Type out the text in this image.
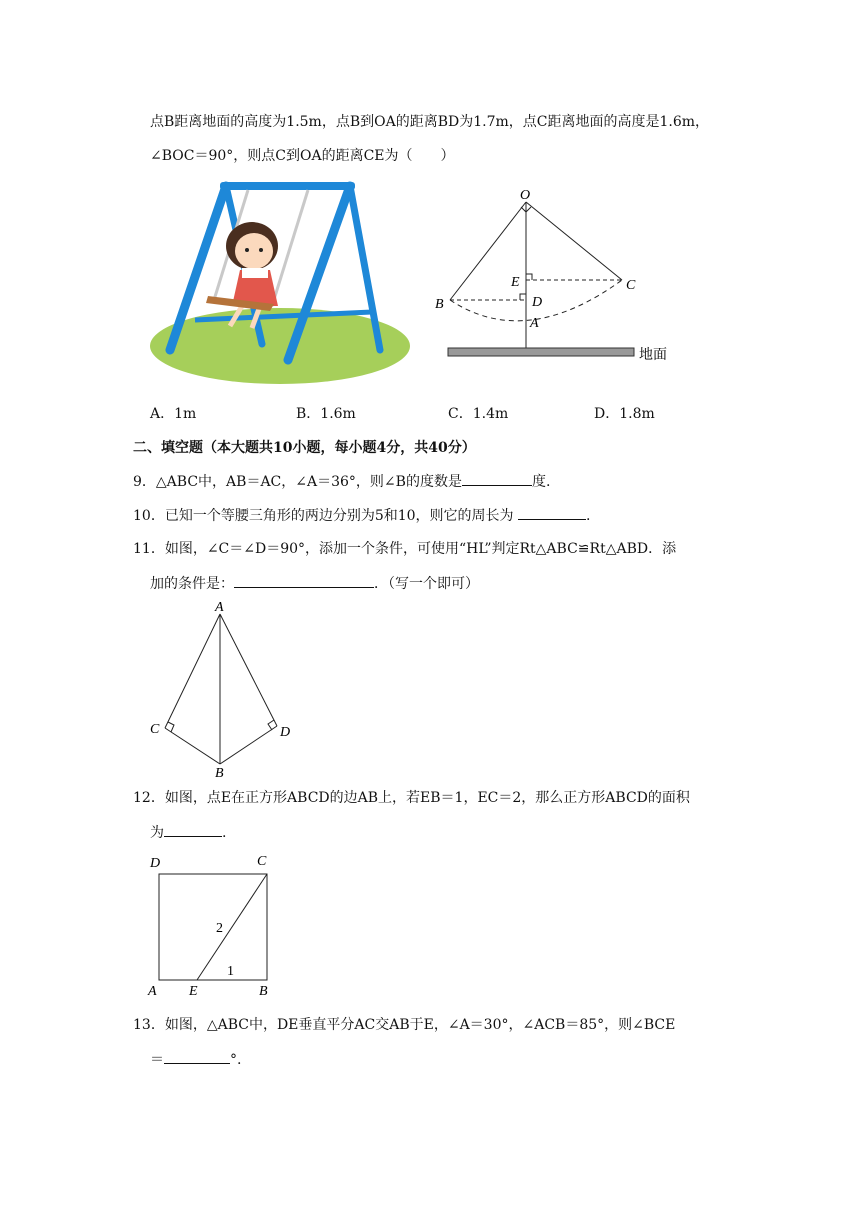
点B距离地面的高度为1.5m，点B到OA的距离BD为1.7m，点C距离地面的高度是1.6m，
∠BOC＝90°，则点C到OA的距离CE为（　　）
O
E	C
B	D
A
地面
A．1m	B．1.6m	C．1.4m	D．1.8m
二、填空题（本大题共10小题，每小题4分，共40分）
9．△ABC中，AB＝AC，∠A＝36°，则∠B的度数是	度.
10．已知一个等腰三角形的两边分别为5和10，则它的周长为	.
11．如图，∠C＝∠D＝90°，添加一个条件，可使用“HL”判定Rt△ABC≌Rt△ABD．添
加的条件是：	．（写一个即可）
A
C	D
B
12．如图，点E在正方形ABCD的边AB上，若EB＝1，EC＝2，那么正方形ABCD的面积
为	.
D	C
A E	B
2
1
13．如图，△ABC中，DE垂直平分AC交AB于E，∠A＝30°，∠ACB＝85°，则∠BCE
＝	°.
